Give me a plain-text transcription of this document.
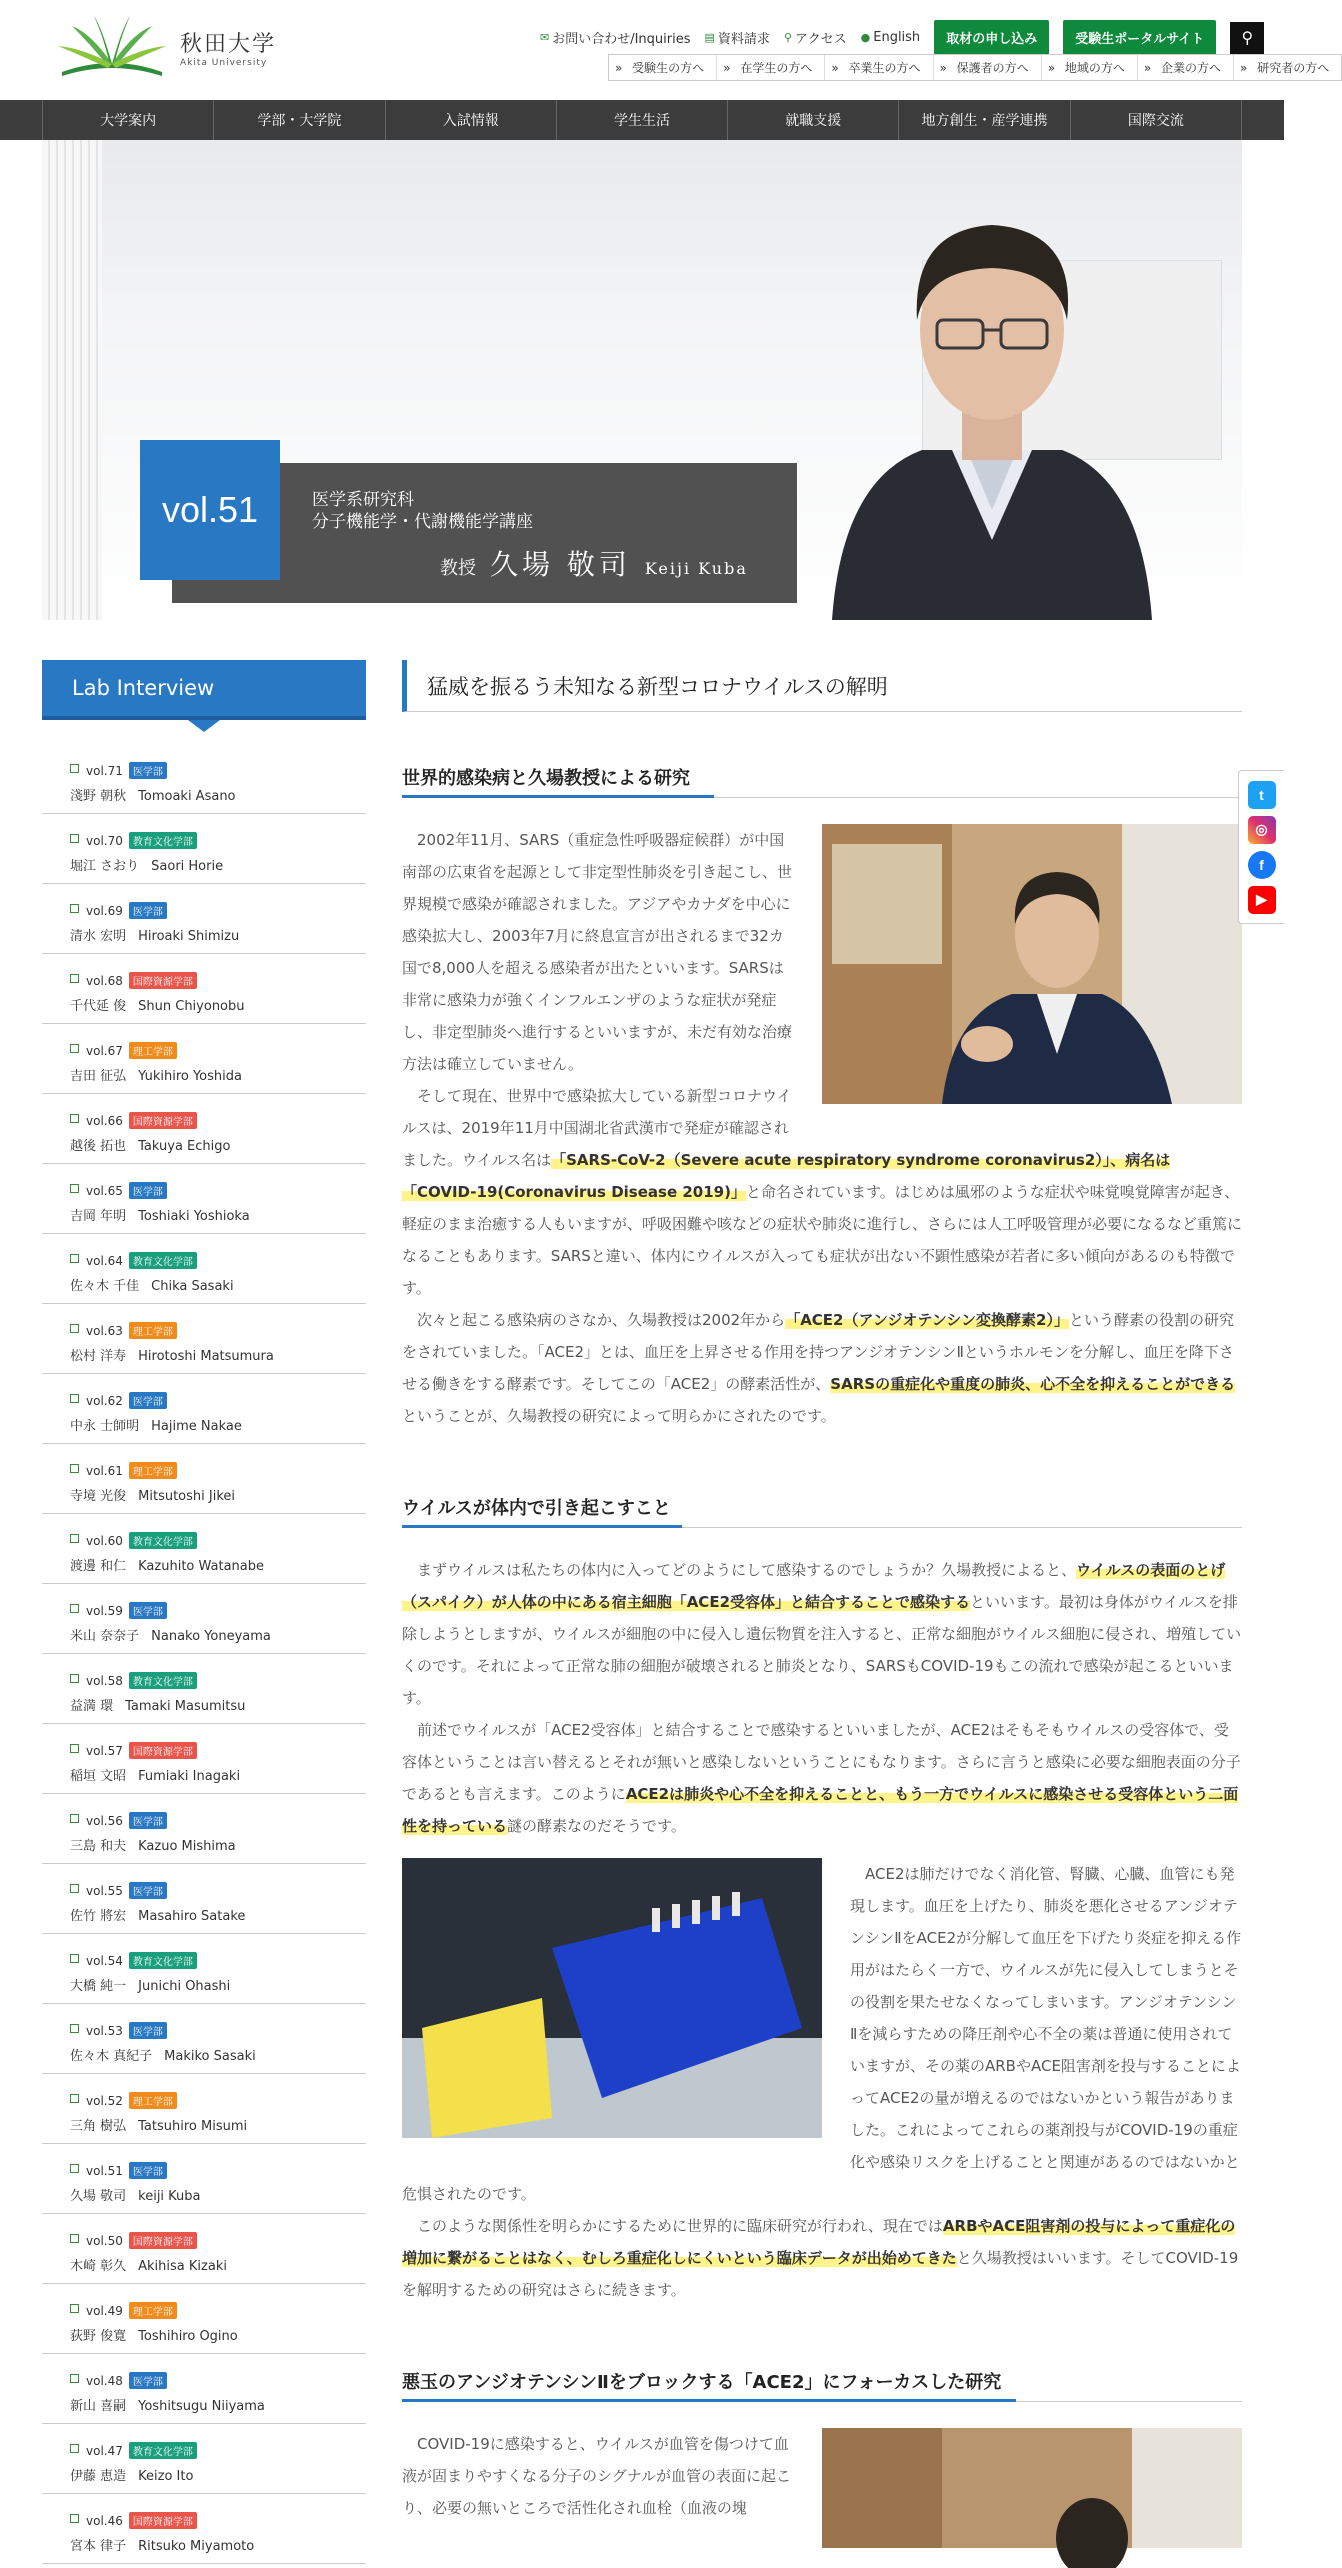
秋田大学
Akita University
✉ お問い合わせ/Inquiries ▤ 資料請求 ⚲ アクセス ● English	取材の申し込み	受験生ポータルサイト	⚲
» 受験生の方へ	» 在学生の方へ	» 卒業生の方へ	» 保護者の方へ	» 地域の方へ	» 企業の方へ	» 研究者の方へ
大学案内	学部・大学院	入試情報	学生生活	就職支援	地方創生・産学連携	国際交流
vol.51	医学系研究科
分子機能学・代謝機能学講座
教授 久場 敬司 Keiji Kuba
Lab Interview
vol.71	医学部
淺野 朝秋 Tomoaki Asano
vol.70	教育文化学部
堀江 さおり Saori Horie
vol.69	医学部
清水 宏明 Hiroaki Shimizu
vol.68	国際資源学部
千代延 俊 Shun Chiyonobu
vol.67	理工学部
吉田 征弘 Yukihiro Yoshida
vol.66	国際資源学部
越後 拓也 Takuya Echigo
vol.65	医学部
吉岡 年明 Toshiaki Yoshioka
vol.64	教育文化学部
佐々木 千佳 Chika Sasaki
vol.63	理工学部
松村 洋寿 Hirotoshi Matsumura
vol.62	医学部
中永 士師明 Hajime Nakae
vol.61	理工学部
寺境 光俊 Mitsutoshi Jikei
vol.60	教育文化学部
渡邊 和仁 Kazuhito Watanabe
vol.59	医学部
米山 奈奈子 Nanako Yoneyama
vol.58	教育文化学部
益満 環 Tamaki Masumitsu
vol.57	国際資源学部
稲垣 文昭 Fumiaki Inagaki
vol.56	医学部
三島 和夫 Kazuo Mishima
vol.55	医学部
佐竹 將宏 Masahiro Satake
vol.54	教育文化学部
大橋 純一 Junichi Ohashi
vol.53	医学部
佐々木 真紀子 Makiko Sasaki
vol.52	理工学部
三角 樹弘 Tatsuhiro Misumi
vol.51	医学部
久場 敬司 keiji Kuba
vol.50	国際資源学部
木崎 彰久 Akihisa Kizaki
vol.49	理工学部
荻野 俊寛 Toshihiro Ogino
vol.48	医学部
新山 喜嗣 Yoshitsugu Niiyama
vol.47	教育文化学部
伊藤 恵造 Keizo Ito
vol.46	国際資源学部
宮本 律子 Ritsuko Miyamoto
猛威を振るう未知なる新型コロナウイルスの解明
世界的感染病と久場教授による研究
2002年11月、SARS（重症急性呼吸器症候群）が中国南部の広東省を起源として非定型性肺炎を引き起こし、世界規模で感染が確認されました。アジアやカナダを中心に感染拡大し、2003年7月に終息宣言が出されるまで32カ国で8,000人を超える感染者が出たといいます。SARSは非常に感染力が強くインフルエンザのような症状が発症し、非定型肺炎へ進行するといいますが、未だ有効な治療方法は確立していません。
そして現在、世界中で感染拡大している新型コロナウイルスは、2019年11月中国湖北省武漢市で発症が確認されました。ウイルス名は「SARS-CoV-2（Severe acute respiratory syndrome coronavirus2）」、病名は「COVID-19(Coronavirus Disease 2019)」と命名されています。はじめは風邪のような症状や味覚嗅覚障害が起き、軽症のまま治癒する人もいますが、呼吸困難や咳などの症状や肺炎に進行し、さらには人工呼吸管理が必要になるなど重篤になることもあります。SARSと違い、体内にウイルスが入っても症状が出ない不顕性感染が若者に多い傾向があるのも特徴です。
次々と起こる感染病のさなか、久場教授は2002年から「ACE2（アンジオテンシン変換酵素2）」という酵素の役割の研究をされていました。「ACE2」とは、血圧を上昇させる作用を持つアンジオテンシンⅡというホルモンを分解し、血圧を降下させる働きをする酵素です。そしてこの「ACE2」の酵素活性が、SARSの重症化や重度の肺炎、心不全を抑えることができるということが、久場教授の研究によって明らかにされたのです。
ウイルスが体内で引き起こすこと
まずウイルスは私たちの体内に入ってどのようにして感染するのでしょうか？久場教授によると、ウイルスの表面のとげ（スパイク）が人体の中にある宿主細胞「ACE2受容体」と結合することで感染するといいます。最初は身体がウイルスを排除しようとしますが、ウイルスが細胞の中に侵入し遺伝物質を注入すると、正常な細胞がウイルス細胞に侵され、増殖していくのです。それによって正常な肺の細胞が破壊されると肺炎となり、SARSもCOVID-19もこの流れで感染が起こるといいます。
前述でウイルスが「ACE2受容体」と結合することで感染するといいましたが、ACE2はそもそもウイルスの受容体で、受容体ということは言い替えるとそれが無いと感染しないということにもなります。さらに言うと感染に必要な細胞表面の分子であるとも言えます。このようにACE2は肺炎や心不全を抑えることと、もう一方でウイルスに感染させる受容体という二面性を持っている謎の酵素なのだそうです。
ACE2は肺だけでなく消化管、腎臓、心臓、血管にも発現します。血圧を上げたり、肺炎を悪化させるアンジオテンシンⅡをACE2が分解して血圧を下げたり炎症を抑える作用がはたらく一方で、ウイルスが先に侵入してしまうとその役割を果たせなくなってしまいます。アンジオテンシンⅡを減らすための降圧剤や心不全の薬は普通に使用されていますが、その薬のARBやACE阻害剤を投与することによってACE2の量が増えるのではないかという報告がありました。これによってこれらの薬剤投与がCOVID-19の重症化や感染リスクを上げることと関連があるのではないかと危惧されたのです。
このような関係性を明らかにするために世界的に臨床研究が行われ、現在ではARBやACE阻害剤の投与によって重症化の増加に繋がることはなく、むしろ重症化しにくいという臨床データが出始めてきたと久場教授はいいます。そしてCOVID-19を解明するための研究はさらに続きます。
悪玉のアンジオテンシンⅡをブロックする「ACE2」にフォーカスした研究
COVID-19に感染すると、ウイルスが血管を傷つけて血液が固まりやすくなる分子のシグナルが血管の表面に起こり、必要の無いところで活性化され血栓（血液の塊
t
◎
f
▶
